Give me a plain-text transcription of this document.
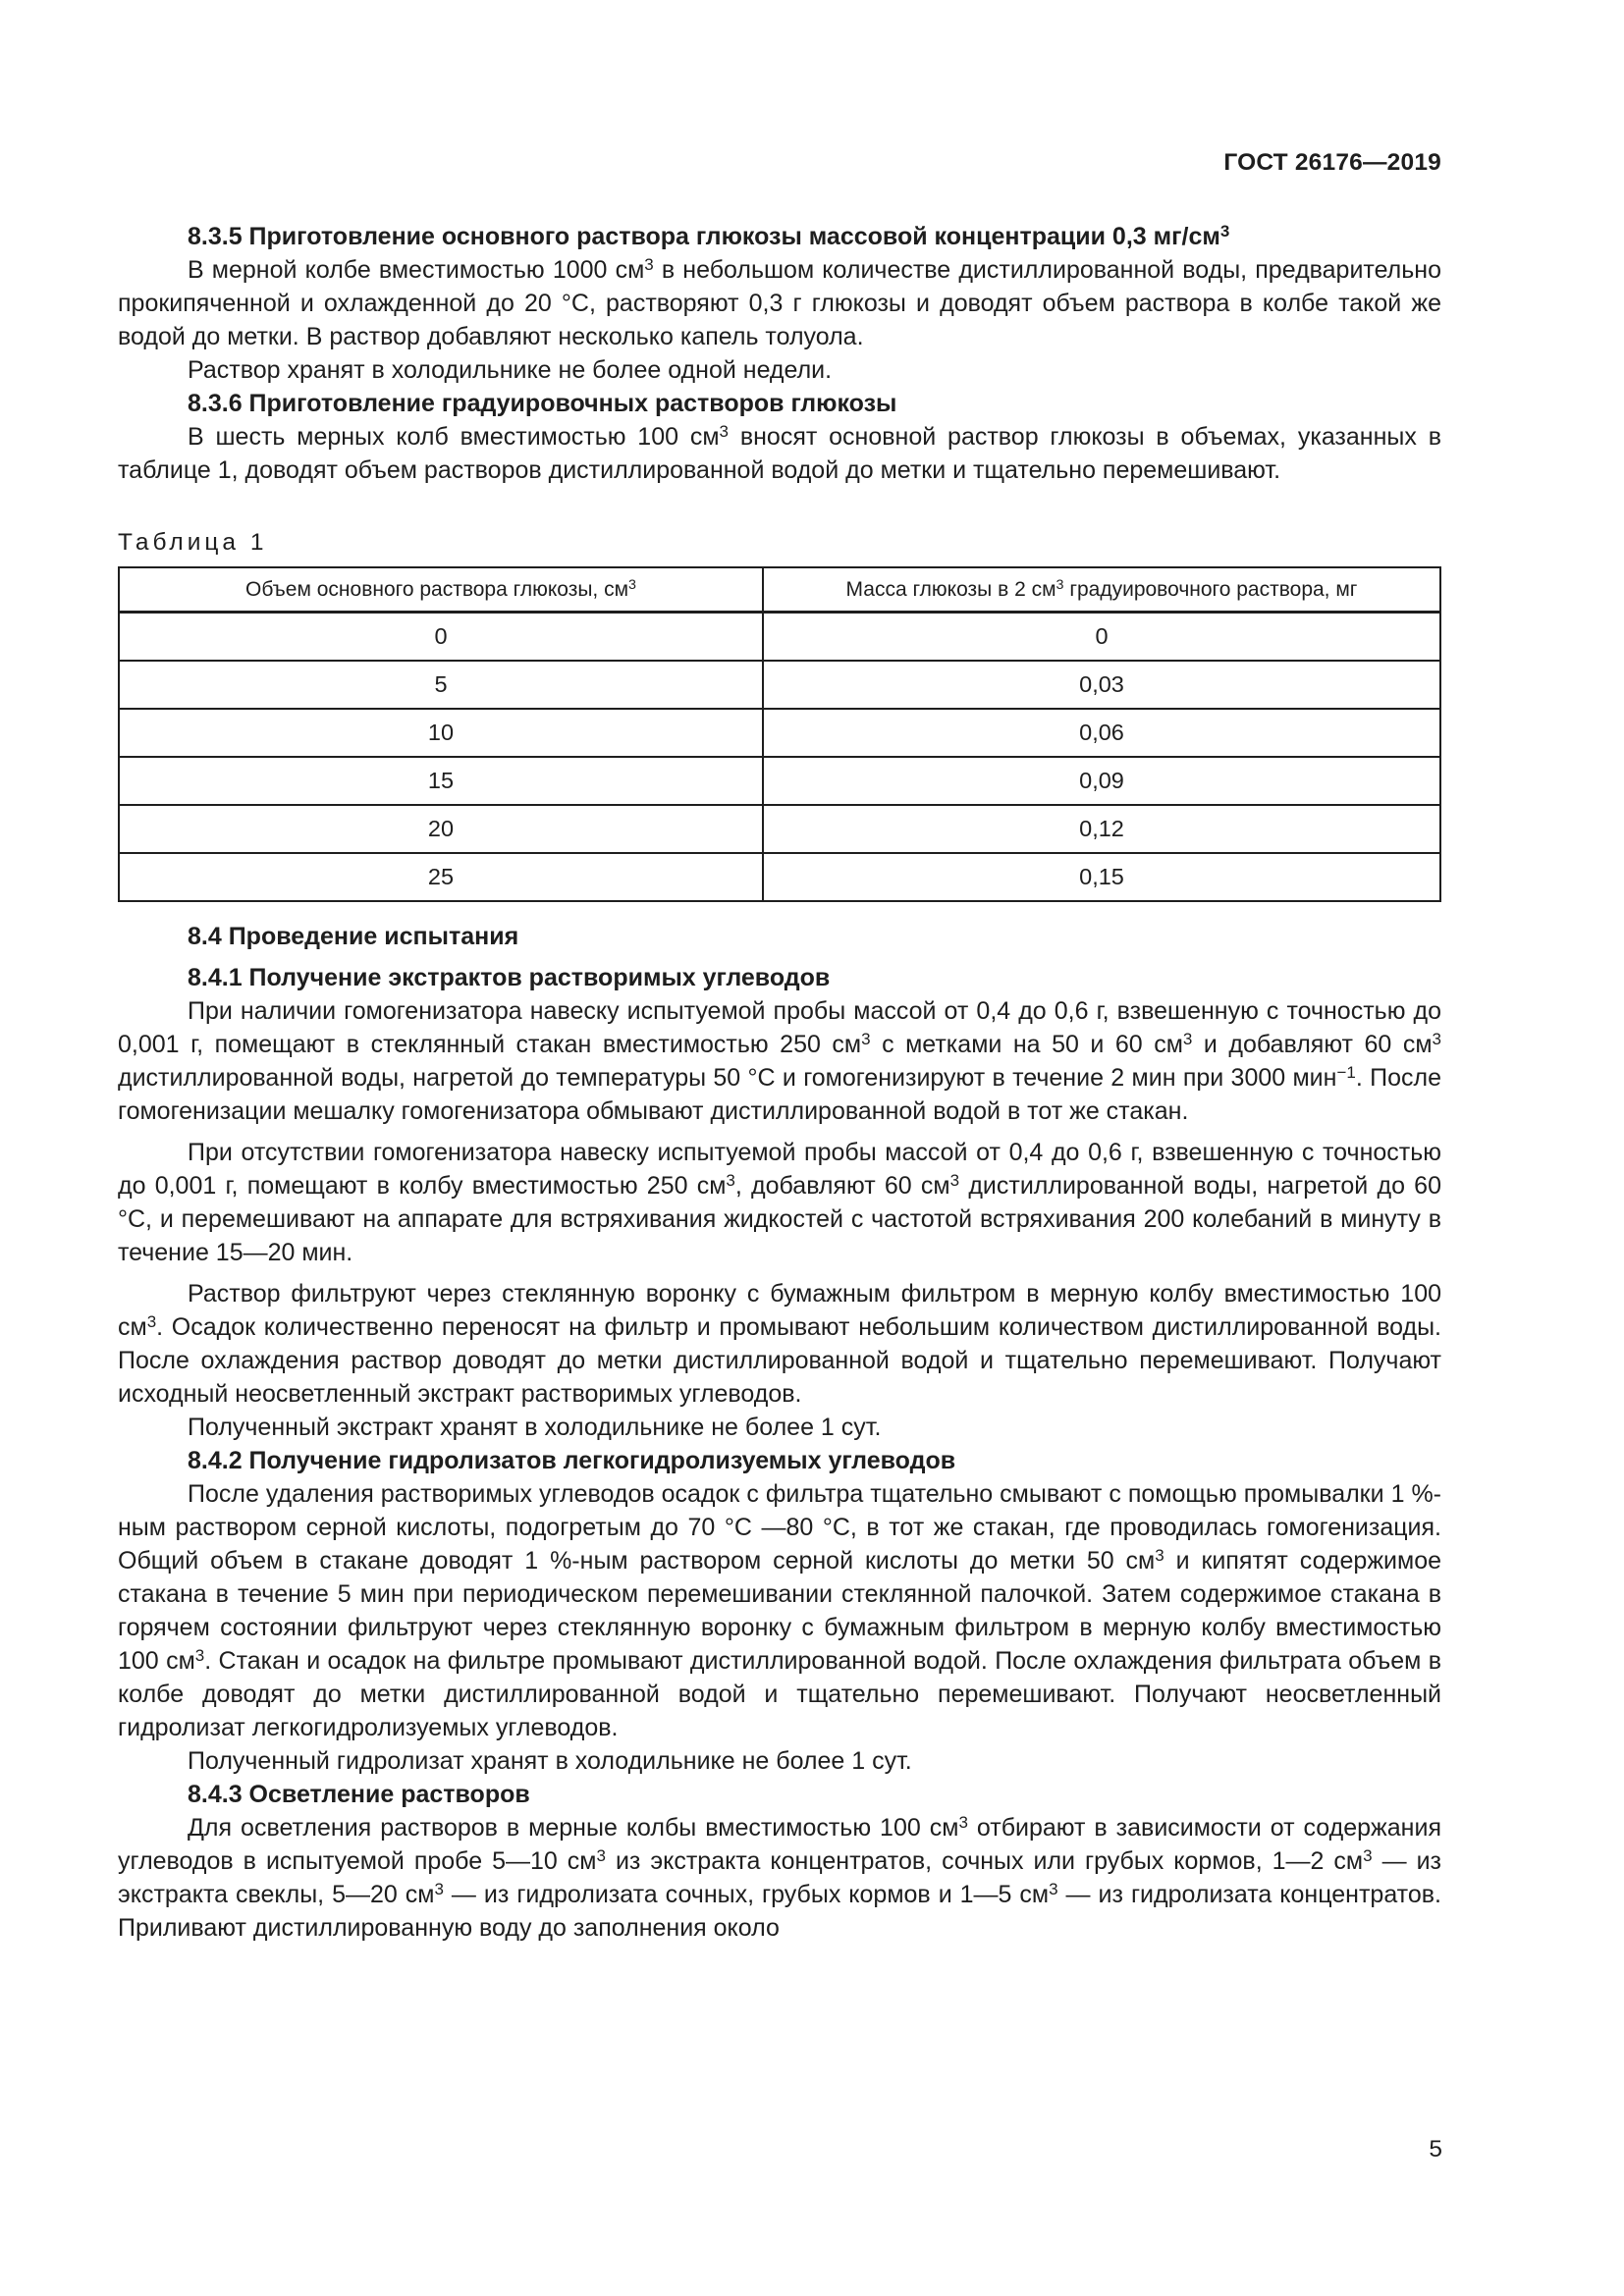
ГОСТ 26176—2019

8.3.5 Приготовление основного раствора глюкозы массовой концентрации 0,3 $мг/см^3$

В мерной колбе вместимостью 1000 $см^3$ в небольшом количестве дистиллированной воды, предварительно прокипяченной и охлажденной до 20 °С, растворяют 0,3 г глюкозы и доводят объем раствора в колбе такой же водой до метки. В раствор добавляют несколько капель толуола.

Раствор хранят в холодильнике не более одной недели.

8.3.6 Приготовление градуировочных растворов глюкозы

В шесть мерных колб вместимостью 100 $см^3$ вносят основной раствор глюкозы в объемах, указанных в таблице 1, доводят объем растворов дистиллированной водой до метки и тщательно перемешивают.

Таблица 1
Объем основного раствора глюкозы, $см^3$	Масса глюкозы в 2 $см^3$ градуировочного раствора, мг
0	0
5	0,03
10	0,06
15	0,09
20	0,12
25	0,15

8.4 Проведение испытания

8.4.1 Получение экстрактов растворимых углеводов

При наличии гомогенизатора навеску испытуемой пробы массой от 0,4 до 0,6 г, взвешенную с точностью до 0,001 г, помещают в стеклянный стакан вместимостью 250 $см^3$ с метками на 50 и 60 $см^3$ и добавляют 60 $см^3$ дистиллированной воды, нагретой до температуры 50 °С и гомогенизируют в течение 2 мин при 3000 мин$^{-1}$. После гомогенизации мешалку гомогенизатора обмывают дистиллированной водой в тот же стакан.

При отсутствии гомогенизатора навеску испытуемой пробы массой от 0,4 до 0,6 г, взвешенную с точностью до 0,001 г, помещают в колбу вместимостью 250 $см^3$, добавляют 60 $см^3$ дистиллированной воды, нагретой до 60 °С, и перемешивают на аппарате для встряхивания жидкостей с частотой встряхивания 200 колебаний в минуту в течение 15—20 мин.

Раствор фильтруют через стеклянную воронку с бумажным фильтром в мерную колбу вместимостью 100 $см^3$. Осадок количественно переносят на фильтр и промывают небольшим количеством дистиллированной воды. После охлаждения раствор доводят до метки дистиллированной водой и тщательно перемешивают. Получают исходный неосветленный экстракт растворимых углеводов.

Полученный экстракт хранят в холодильнике не более 1 сут.

8.4.2 Получение гидролизатов легкогидролизуемых углеводов

После удаления растворимых углеводов осадок с фильтра тщательно смывают с помощью промывалки 1 %-ным раствором серной кислоты, подогретым до 70 °С —80 °С, в тот же стакан, где проводилась гомогенизация. Общий объем в стакане доводят 1 %-ным раствором серной кислоты до метки 50 $см^3$ и кипятят содержимое стакана в течение 5 мин при периодическом перемешивании стеклянной палочкой. Затем содержимое стакана в горячем состоянии фильтруют через стеклянную воронку с бумажным фильтром в мерную колбу вместимостью 100 $см^3$. Стакан и осадок на фильтре промывают дистиллированной водой. После охлаждения фильтрата объем в колбе доводят до метки дистиллированной водой и тщательно перемешивают. Получают неосветленный гидролизат легкогидролизуемых углеводов.

Полученный гидролизат хранят в холодильнике не более 1 сут.

8.4.3 Осветление растворов

Для осветления растворов в мерные колбы вместимостью 100 $см^3$ отбирают в зависимости от содержания углеводов в испытуемой пробе 5—10 $см^3$ из экстракта концентратов, сочных или грубых кормов, 1—2 $см^3$ — из экстракта свеклы, 5—20 $см^3$ — из гидролизата сочных, грубых кормов и 1—5 $см^3$ — из гидролизата концентратов. Приливают дистиллированную воду до заполнения около

5
